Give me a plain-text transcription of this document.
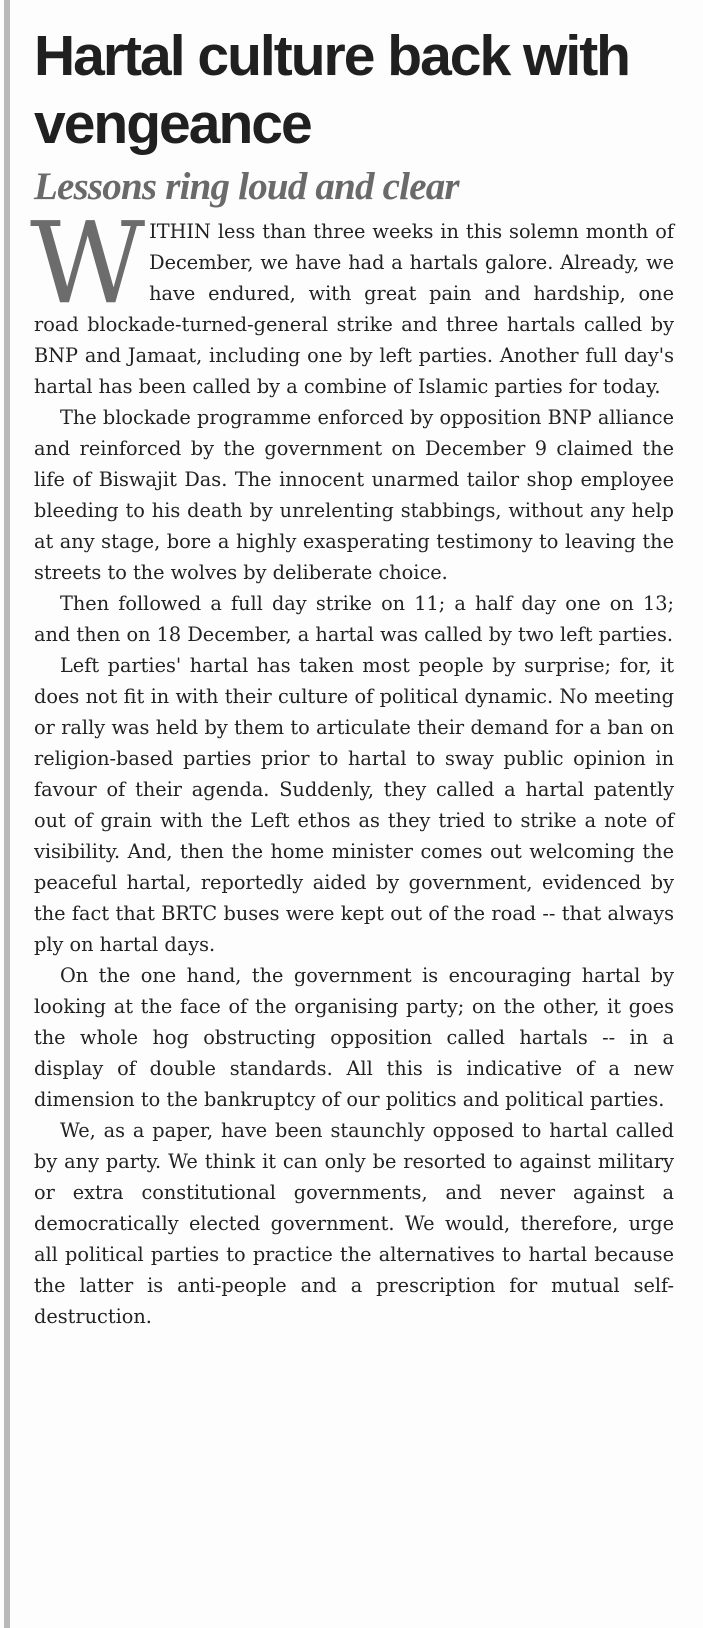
Hartal culture back with vengeance
Lessons ring loud and clear

WITHIN less than three weeks in this solemn month of December, we have had a hartals galore. Already, we have endured, with great pain and hardship, one road blockade-turned-general strike and three hartals called by BNP and Jamaat, including one by left parties. Another full day's hartal has been called by a combine of Islamic parties for today.

The blockade programme enforced by opposition BNP alliance and reinforced by the government on December 9 claimed the life of Biswajit Das. The innocent unarmed tailor shop employee bleeding to his death by unrelenting stabbings, without any help at any stage, bore a highly exasperating testimony to leaving the streets to the wolves by deliberate choice.

Then followed a full day strike on 11; a half day one on 13; and then on 18 December, a hartal was called by two left parties.

Left parties' hartal has taken most people by surprise; for, it does not fit in with their culture of political dynamic. No meeting or rally was held by them to articulate their demand for a ban on religion-based parties prior to hartal to sway public opinion in favour of their agenda. Suddenly, they called a hartal patently out of grain with the Left ethos as they tried to strike a note of visibility. And, then the home minister comes out welcoming the peaceful hartal, reportedly aided by government, evidenced by the fact that BRTC buses were kept out of the road -- that always ply on hartal days.

On the one hand, the government is encouraging hartal by looking at the face of the organising party; on the other, it goes the whole hog obstructing opposition called hartals -- in a display of double standards. All this is indicative of a new dimension to the bankruptcy of our politics and political parties.

We, as a paper, have been staunchly opposed to hartal called by any party. We think it can only be resorted to against military or extra constitutional governments, and never against a democratically elected government. We would, therefore, urge all political parties to practice the alternatives to hartal because the latter is anti-people and a prescription for mutual self-destruction.
